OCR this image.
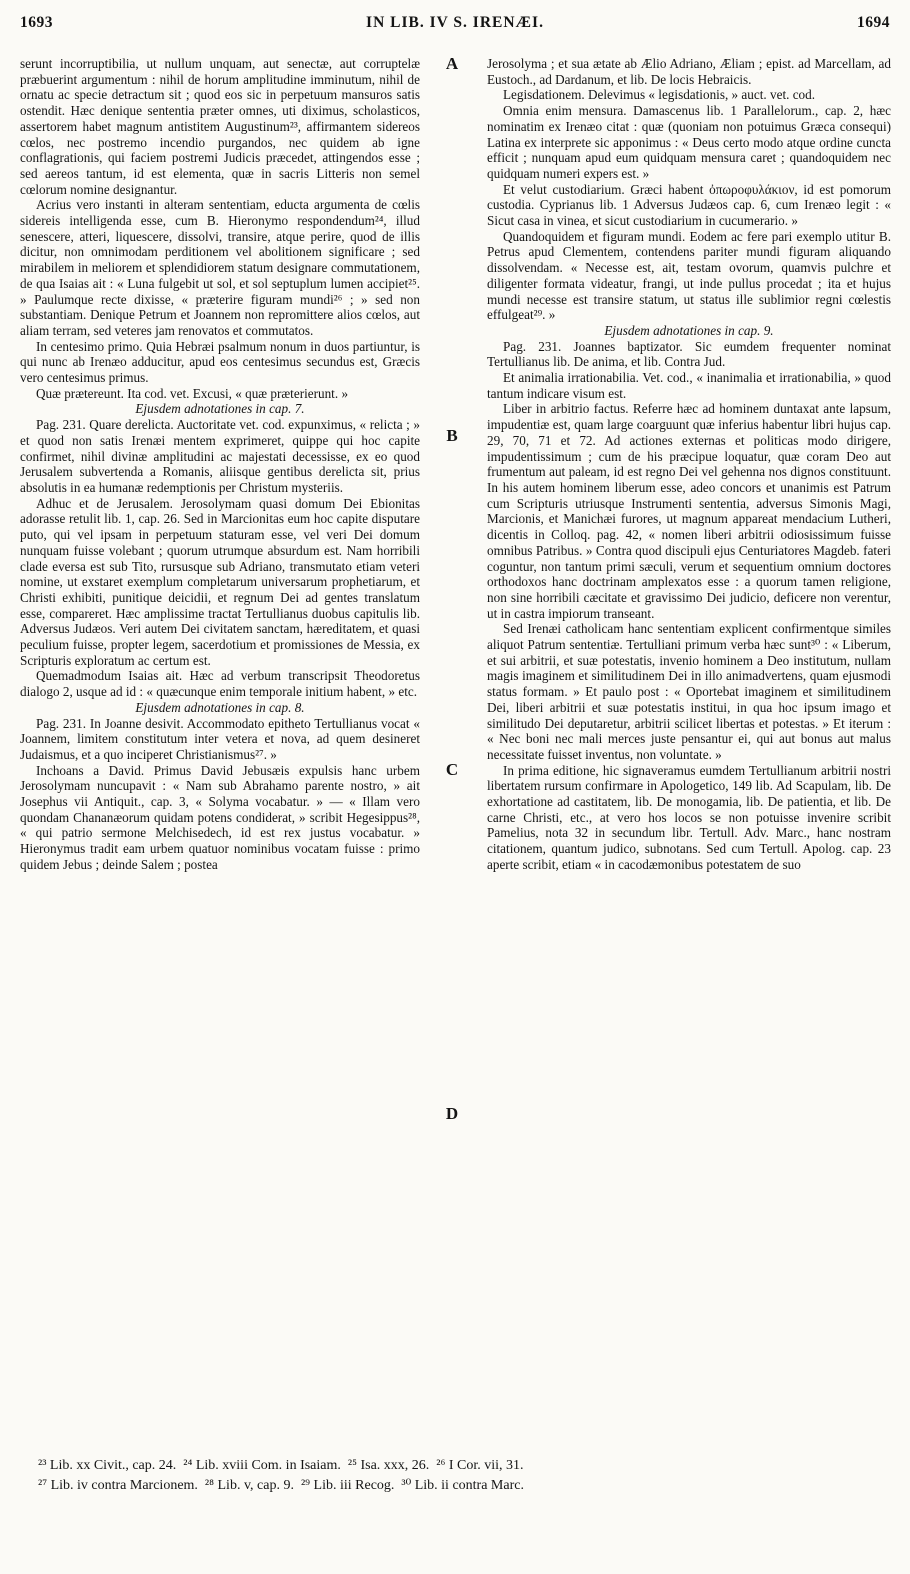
1693	IN LIB. IV S. IRENÆI.	1694

serunt incorruptibilia, ut nullum unquam, aut senectæ, aut corruptelæ præbuerint argumentum : nihil de horum amplitudine imminutum, nihil de ornatu ac specie detractum sit ; quod eos sic in perpetuum mansuros satis ostendit. Hæc denique sententia præter omnes, uti diximus, scholasticos, assertorem habet magnum antistitem Augustinum²³, affirmantem sidereos cœlos, nec postremo incendio purgandos, nec quidem ab igne conflagrationis, qui faciem postremi Judicis præcedet, attingendos esse ; sed aereos tantum, id est elementa, quæ in sacris Litteris non semel cœlorum nomine designantur.

Acrius vero instanti in alteram sententiam, educta argumenta de cœlis sidereis intelligenda esse, cum B. Hieronymo respondendum²⁴, illud senescere, atteri, liquescere, dissolvi, transire, atque perire, quod de illis dicitur, non omnimodam perditionem vel abolitionem significare ; sed mirabilem in meliorem et splendidiorem statum designare commutationem, de qua Isaias ait : « Luna fulgebit ut sol, et sol septuplum lumen accipiet²⁵. » Paulumque recte dixisse, « præterire figuram mundi²⁶ ; » sed non substantiam. Denique Petrum et Joannem non repromittere alios cœlos, aut aliam terram, sed veteres jam renovatos et commutatos.

In centesimo primo. Quia Hebræi psalmum nonum in duos partiuntur, is qui nunc ab Irenæo adducitur, apud eos centesimus secundus est, Græcis vero centesimus primus.

Quæ prætereunt. Ita cod. vet. Excusi, « quæ præterierunt. »

Ejusdem adnotationes in cap. 7.

Pag. 231. Quare derelicta. Auctoritate vet. cod. expunximus, « relicta ; » et quod non satis Irenæi mentem exprimeret, quippe qui hoc capite confirmet, nihil divinæ amplitudini ac majestati decessisse, ex eo quod Jerusalem subvertenda a Romanis, aliisque gentibus derelicta sit, prius absolutis in ea humanæ redemptionis per Christum mysteriis.

Adhuc et de Jerusalem. Jerosolymam quasi domum Dei Ebionitas adorasse retulit lib. 1, cap. 26. Sed in Marcionitas eum hoc capite disputare puto, qui vel ipsam in perpetuum staturam esse, vel veri Dei domum nunquam fuisse volebant ; quorum utrumque absurdum est. Nam horribili clade eversa est sub Tito, rursusque sub Adriano, transmutato etiam veteri nomine, ut exstaret exemplum completarum universarum prophetiarum, et Christi exhibiti, punitique deicidii, et regnum Dei ad gentes translatum esse, compareret. Hæc amplissime tractat Tertullianus duobus capitulis lib. Adversus Judæos. Veri autem Dei civitatem sanctam, hæreditatem, et quasi peculium fuisse, propter legem, sacerdotium et promissiones de Messia, ex Scripturis exploratum ac certum est.

Quemadmodum Isaias ait. Hæc ad verbum transcripsit Theodoretus dialogo 2, usque ad id : « quæcunque enim temporale initium habent, » etc.

Ejusdem adnotationes in cap. 8.

Pag. 231. In Joanne desivit. Accommodato epitheto Tertullianus vocat « Joannem, limitem constitutum inter vetera et nova, ad quem desineret Judaismus, et a quo inciperet Christianismus²⁷. »

Inchoans a David. Primus David Jebusæis expulsis hanc urbem Jerosolymam nuncupavit : « Nam sub Abrahamo parente nostro, » ait Josephus vii Antiquit., cap. 3, « Solyma vocabatur. » — « Illam vero quondam Chananæorum quidam potens condiderat, » scribit Hegesippus²⁸, « qui patrio sermone Melchisedech, id est rex justus vocabatur. » Hieronymus tradit eam urbem quatuor nominibus vocatam fuisse : primo quidem Jebus ; deinde Salem ; postea

Jerosolyma ; et sua ætate ab Ælio Adriano, Æliam ; epist. ad Marcellam, ad Eustoch., ad Dardanum, et lib. De locis Hebraicis.

Legisdationem. Delevimus « legisdationis, » auct. vet. cod.

Omnia enim mensura. Damascenus lib. 1 Parallelorum., cap. 2, hæc nominatim ex Irenæo citat : quæ (quoniam non potuimus Græca consequi) Latina ex interprete sic apponimus : « Deus certo modo atque ordine cuncta efficit ; nunquam apud eum quidquam mensura caret ; quandoquidem nec quidquam numeri expers est. »

Et velut custodiarium. Græci habent ὀπωροφυλάκιον, id est pomorum custodia. Cyprianus lib. 1 Adversus Judæos cap. 6, cum Irenæo legit : « Sicut casa in vinea, et sicut custodiarium in cucumerario. »

Quandoquidem et figuram mundi. Eodem ac fere pari exemplo utitur B. Petrus apud Clementem, contendens pariter mundi figuram aliquando dissolvendam. « Necesse est, ait, testam ovorum, quamvis pulchre et diligenter formata videatur, frangi, ut inde pullus procedat ; ita et hujus mundi necesse est transire statum, ut status ille sublimior regni cœlestis effulgeat²⁹. »

Ejusdem adnotationes in cap. 9.

Pag. 231. Joannes baptizator. Sic eumdem frequenter nominat Tertullianus lib. De anima, et lib. Contra Jud.

Et animalia irrationabilia. Vet. cod., « inanimalia et irrationabilia, » quod tantum indicare visum est.

Liber in arbitrio factus. Referre hæc ad hominem duntaxat ante lapsum, impudentiæ est, quam large coarguunt quæ inferius habentur libri hujus cap. 29, 70, 71 et 72. Ad actiones externas et politicas modo dirigere, impudentissimum ; cum de his præcipue loquatur, quæ coram Deo aut frumentum aut paleam, id est regno Dei vel gehenna nos dignos constituunt. In his autem hominem liberum esse, adeo concors et unanimis est Patrum cum Scripturis utriusque Instrumenti sententia, adversus Simonis Magi, Marcionis, et Manichæi furores, ut magnum appareat mendacium Lutheri, dicentis in Colloq. pag. 42, « nomen liberi arbitrii odiosissimum fuisse omnibus Patribus. » Contra quod discipuli ejus Centuriatores Magdeb. fateri coguntur, non tantum primi sæculi, verum et sequentium omnium doctores orthodoxos hanc doctrinam amplexatos esse : a quorum tamen religione, non sine horribili cæcitate et gravissimo Dei judicio, deficere non verentur, ut in castra impiorum transeant.

Sed Irenæi catholicam hanc sententiam explicent confirmentque similes aliquot Patrum sententiæ. Tertulliani primum verba hæc sunt³⁰ : « Liberum, et sui arbitrii, et suæ potestatis, invenio hominem a Deo institutum, nullam magis imaginem et similitudinem Dei in illo animadvertens, quam ejusmodi status formam. » Et paulo post : « Oportebat imaginem et similitudinem Dei, liberi arbitrii et suæ potestatis institui, in qua hoc ipsum imago et similitudo Dei deputaretur, arbitrii scilicet libertas et potestas. » Et iterum : « Nec boni nec mali merces juste pensantur ei, qui aut bonus aut malus necessitate fuisset inventus, non voluntate. »

In prima editione, hic signaveramus eumdem Tertullianum arbitrii nostri libertatem rursum confirmare in Apologetico, 149 lib. Ad Scapulam, lib. De exhortatione ad castitatem, lib. De monogamia, lib. De patientia, et lib. De carne Christi, etc., at vero hos locos se non potuisse invenire scribit Pamelius, nota 32 in secundum libr. Tertull. Adv. Marc., hanc nostram citationem, quantum judico, subnotans. Sed cum Tertull. Apolog. cap. 23 aperte scribit, etiam « in cacodæmonibus potestatem de suo

A
B
C
D
²³ Lib. xx Civit., cap. 24.  ²⁴ Lib. xviii Com. in Isaiam.  ²⁵ Isa. xxx, 26.  ²⁶ I Cor. vii, 31.
²⁷ Lib. iv contra Marcionem.  ²⁸ Lib. v, cap. 9.  ²⁹ Lib. iii Recog.  ³⁰ Lib. ii contra Marc.
